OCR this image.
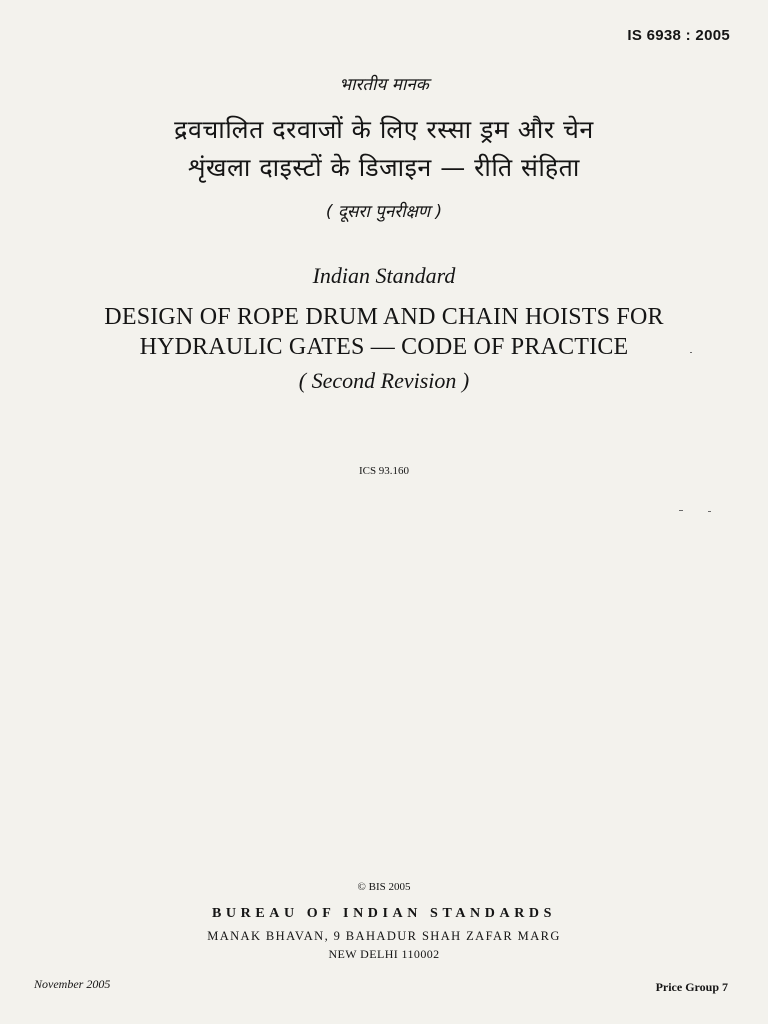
IS 6938 : 2005
भारतीय मानक
द्रवचालित दरवाजों के लिए रस्सा ड्रम और चेन
शृंखला दाइस्टों के डिजाइन — रीति संहिता
( दूसरा पुनरीक्षण )
Indian Standard
DESIGN OF ROPE DRUM AND CHAIN HOISTS FOR
HYDRAULIC GATES — CODE OF PRACTICE
( Second Revision )
ICS 93.160
© BIS 2005
BUREAU OF INDIAN STANDARDS
MANAK BHAVAN, 9 BAHADUR SHAH ZAFAR MARG
NEW DELHI 110002
November 2005	Price Group 7
